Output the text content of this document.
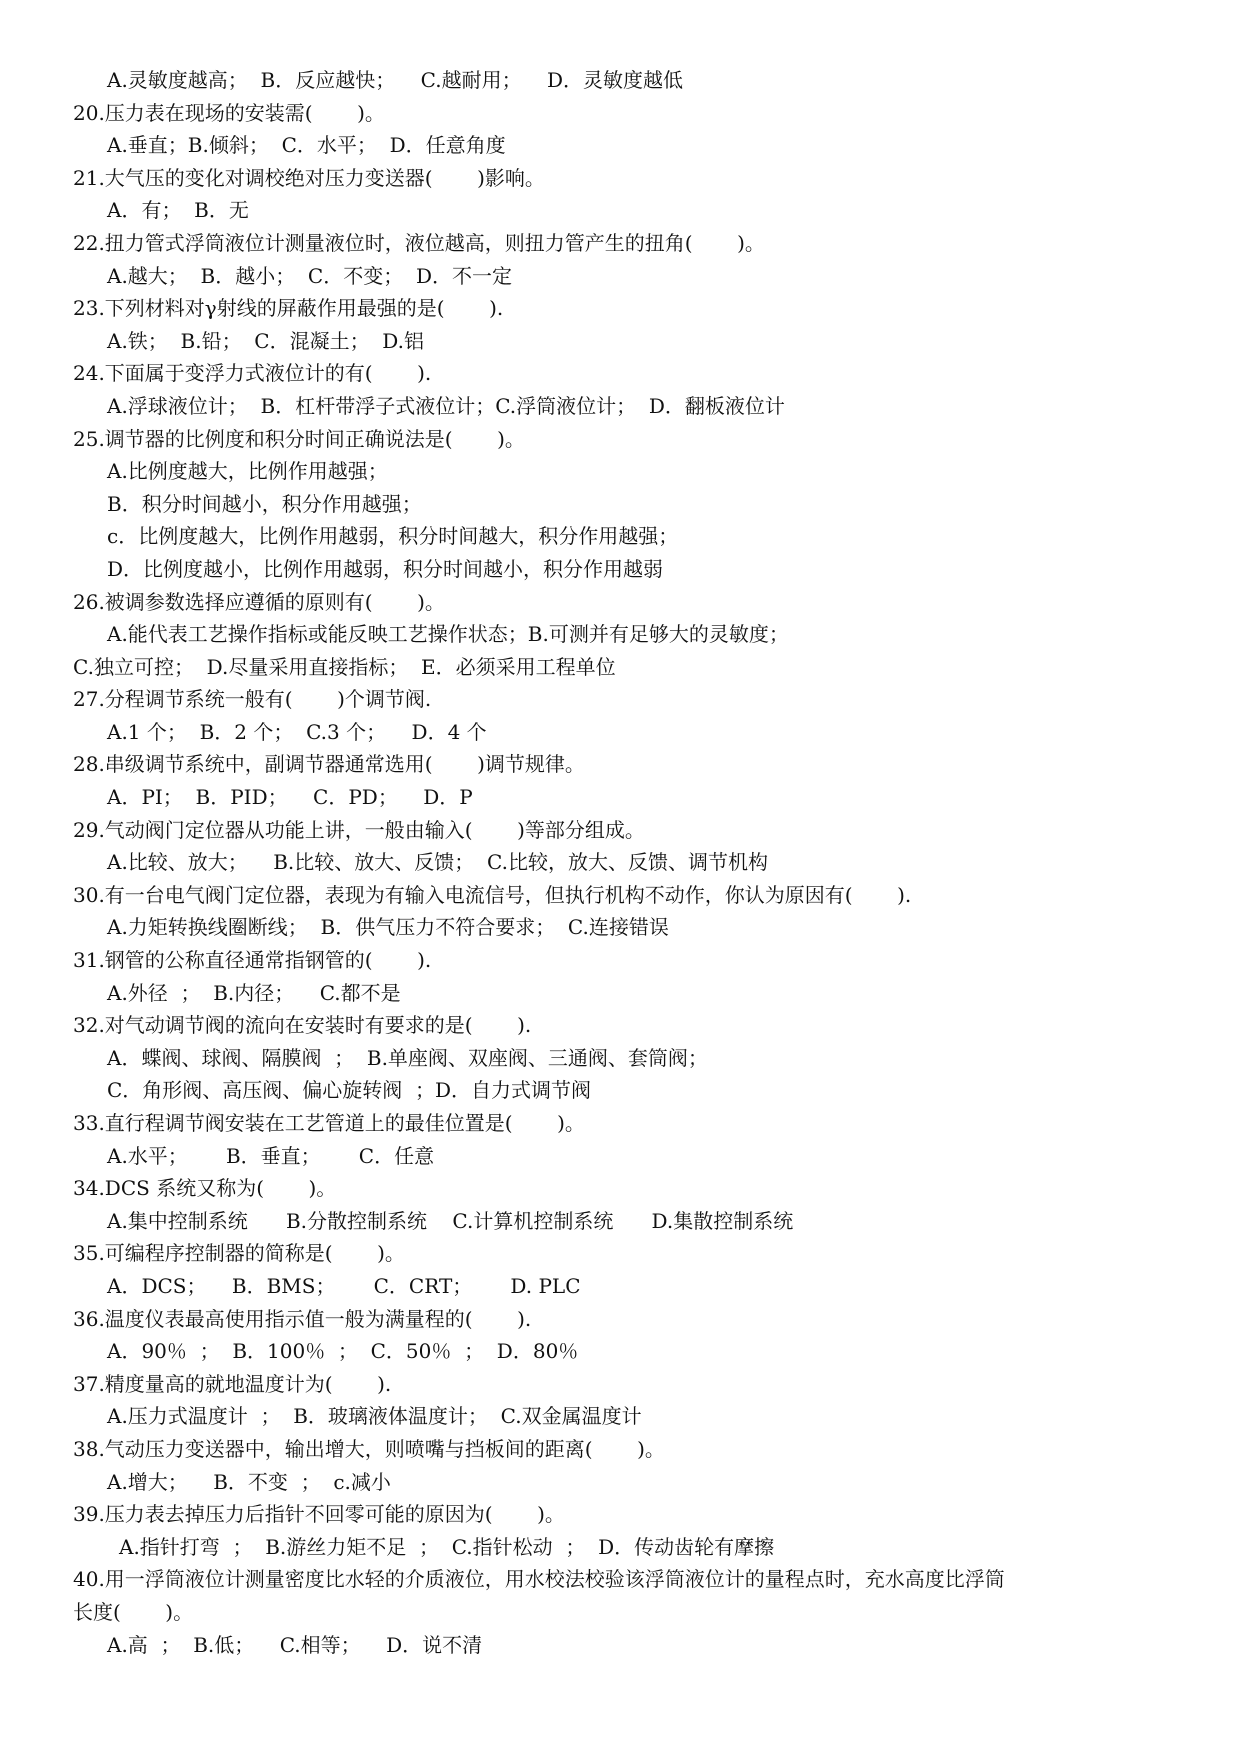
A.灵敏度越高；  B．反应越快；    C.越耐用；    D．灵敏度越低
20.压力表在现场的安装需(       )。
A.垂直；B.倾斜；  C．水平；  D．任意角度
21.大气压的变化对调校绝对压力变送器(       )影响。
A．有；  B．无
22.扭力管式浮筒液位计测量液位时，液位越高，则扭力管产生的扭角(       )。
A.越大；  B．越小；  C．不变；  D．不一定
23.下列材料对γ射线的屏蔽作用最强的是(       ).
A.铁；  B.铅；  C．混凝土；  D.铝
24.下面属于变浮力式液位计的有(       ).
A.浮球液位计；  B．杠杆带浮子式液位计；C.浮筒液位计；  D．翻板液位计
25.调节器的比例度和积分时间正确说法是(       )。
A.比例度越大，比例作用越强；
B．积分时间越小，积分作用越强；
c．比例度越大，比例作用越弱，积分时间越大，积分作用越强；
D．比例度越小，比例作用越弱，积分时间越小，积分作用越弱
26.被调参数选择应遵循的原则有(       )。
A.能代表工艺操作指标或能反映工艺操作状态；B.可测并有足够大的灵敏度；
C.独立可控；  D.尽量采用直接指标；  E．必须采用工程单位
27.分程调节系统一般有(       )个调节阀.
A.1 个；  B．2 个；  C.3 个；    D．4 个
28.串级调节系统中，副调节器通常选用(       )调节规律。
A．PI；  B．PID；    C．PD；    D．P
29.气动阀门定位器从功能上讲，一般由输入(       )等部分组成。
A.比较、放大；    B.比较、放大、反馈；  C.比较，放大、反馈、调节机构
30.有一台电气阀门定位器，表现为有输入电流信号，但执行机构不动作，你认为原因有(       ).
A.力矩转换线圈断线；  B．供气压力不符合要求；  C.连接错误
31.钢管的公称直径通常指钢管的(       ).
A.外径  ；  B.内径；    C.都不是
32.对气动调节阀的流向在安装时有要求的是(       ).
A．蝶阀、球阀、隔膜阀  ；  B.单座阀、双座阀、三通阀、套筒阀；
C．角形阀、高压阀、偏心旋转阀  ；D．自力式调节阀
33.直行程调节阀安装在工艺管道上的最佳位置是(       )。
A.水平；      B．垂直；      C．任意
34.DCS 系统又称为(       )。
A.集中控制系统      B.分散控制系统    C.计算机控制系统      D.集散控制系统
35.可编程序控制器的简称是(       )。
A．DCS；    B．BMS；      C．CRT；      D. PLC
36.温度仪表最高使用指示值一般为满量程的(       ).
A．90％  ；  B．100％  ；  C．50％  ；  D．80％
37.精度量高的就地温度计为(       ).
A.压力式温度计  ；  B．玻璃液体温度计；  C.双金属温度计
38.气动压力变送器中，输出增大，则喷嘴与挡板间的距离(       )。
A.增大；    B．不变  ；  c.减小
39.压力表去掉压力后指针不回零可能的原因为(       )。
A.指针打弯  ；  B.游丝力矩不足  ；  C.指针松动  ；  D．传动齿轮有摩擦
40.用一浮筒液位计测量密度比水轻的介质液位，用水校法校验该浮筒液位计的量程点时，充水高度比浮筒
长度(       )。
A.高  ；  B.低；    C.相等；    D．说不清
